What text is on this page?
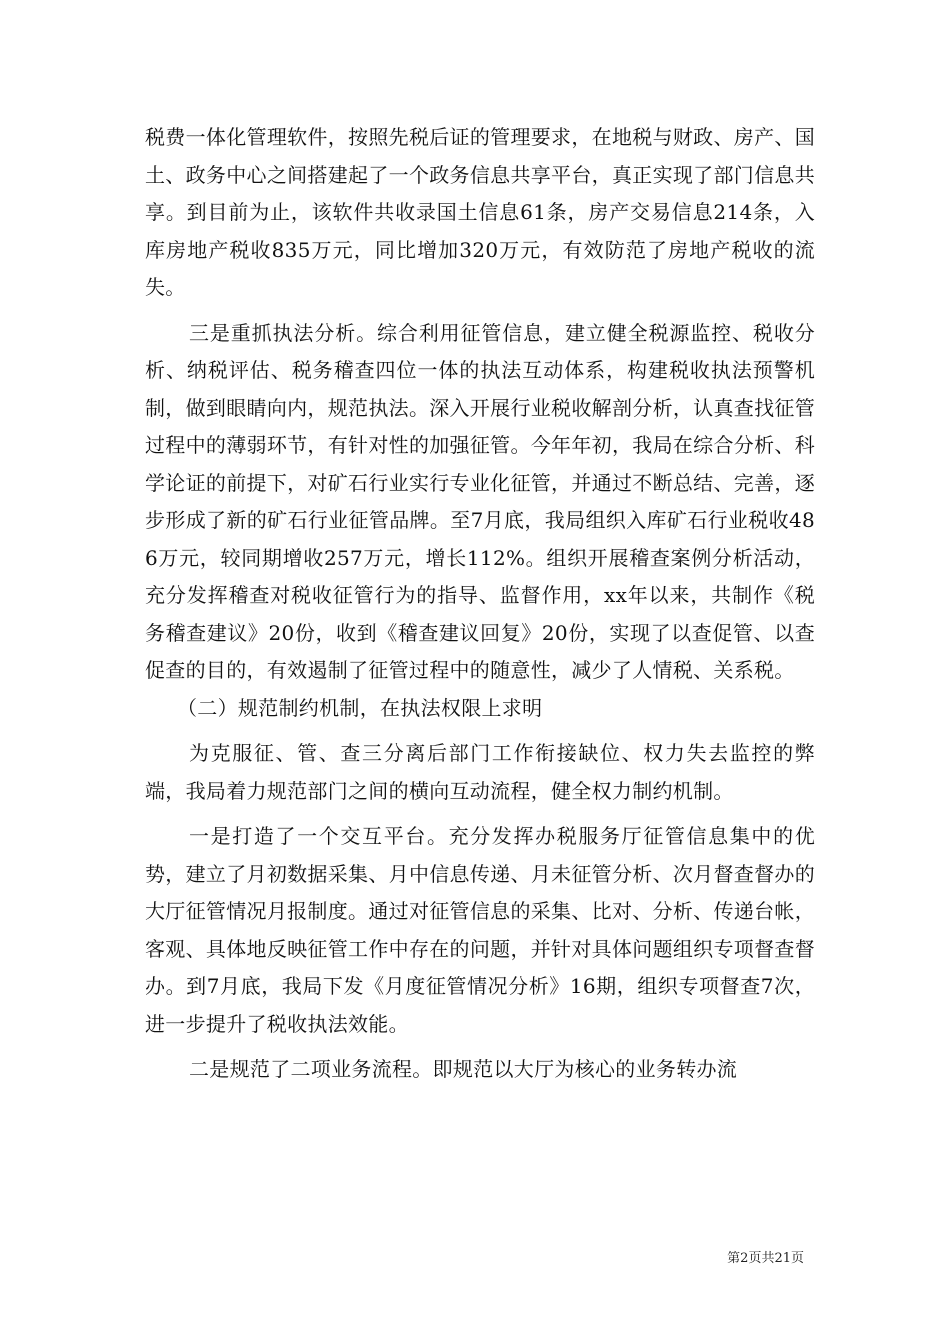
税费一体化管理软件，按照先税后证的管理要求，在地税与财政、房产、国土、政务中心之间搭建起了一个政务信息共享平台，真正实现了部门信息共享。到目前为止，该软件共收录国土信息61条，房产交易信息214条，入库房地产税收835万元，同比增加320万元，有效防范了房地产税收的流失。

三是重抓执法分析。综合利用征管信息，建立健全税源监控、税收分析、纳税评估、税务稽查四位一体的执法互动体系，构建税收执法预警机制，做到眼睛向内，规范执法。深入开展行业税收解剖分析，认真查找征管过程中的薄弱环节，有针对性的加强征管。今年年初，我局在综合分析、科学论证的前提下，对矿石行业实行专业化征管，并通过不断总结、完善，逐步形成了新的矿石行业征管品牌。至7月底，我局组织入库矿石行业税收486万元，较同期增收257万元，增长112%。组织开展稽查案例分析活动，充分发挥稽查对税收征管行为的指导、监督作用，xx年以来，共制作《税务稽查建议》20份，收到《稽查建议回复》20份，实现了以查促管、以查促查的目的，有效遏制了征管过程中的随意性，减少了人情税、关系税。

（二）规范制约机制，在执法权限上求明

为克服征、管、查三分离后部门工作衔接缺位、权力失去监控的弊端，我局着力规范部门之间的横向互动流程，健全权力制约机制。

一是打造了一个交互平台。充分发挥办税服务厅征管信息集中的优势，建立了月初数据采集、月中信息传递、月未征管分析、次月督查督办的大厅征管情况月报制度。通过对征管信息的采集、比对、分析、传递台帐，客观、具体地反映征管工作中存在的问题，并针对具体问题组织专项督查督办。到7月底，我局下发《月度征管情况分析》16期，组织专项督查7次，进一步提升了税收执法效能。

二是规范了二项业务流程。即规范以大厅为核心的业务转办流

第2页共21页
